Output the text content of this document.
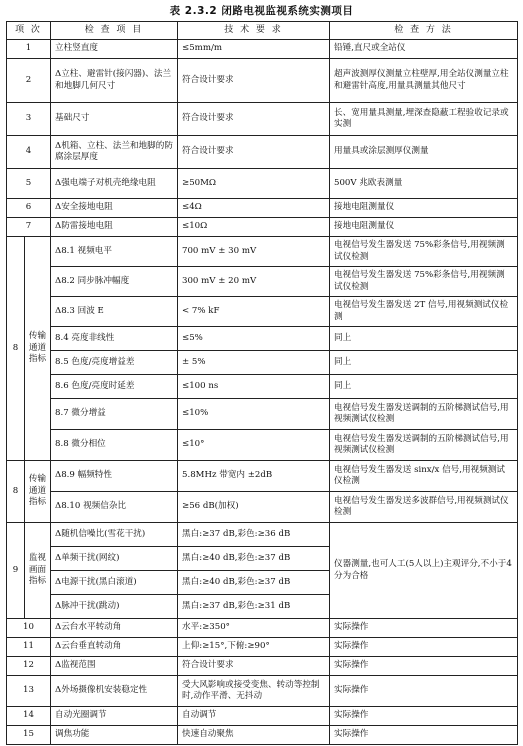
表 2.3.2 闭路电视监视系统实测项目
项 次		检 查 项 目	技 术 要 求	检 查 方 法
1		立柱竖直度	≤5mm/m	铅锤,直尺或全站仪
2		Δ立柱、避雷针(接闪器)、法兰和地脚几何尺寸	符合设计要求	超声波测厚仪测量立柱壁厚,用全站仪测量立柱和避雷针高度,用量具测量其他尺寸
3		基础尺寸	符合设计要求	长、宽用量具测量,埋深查隐蔽工程验收记录或实测
4		Δ机箱、立柱、法兰和地脚的防腐涂层厚度	符合设计要求	用量具或涂层测厚仪测量
5		Δ强电端子对机壳绝缘电阻	≥50MΩ	500V 兆欧表测量
6		Δ安全接地电阻	≤4Ω	接地电阻测量仪
7		Δ防雷接地电阻	≤10Ω	接地电阻测量仪
8	传输通道指标	Δ8.1 视频电平	700 mV ± 30 mV	电视信号发生器发送 75%彩条信号,用视频测试仪检测
		Δ8.2 同步脉冲幅度	300 mV ± 20 mV	电视信号发生器发送 75%彩条信号,用视频测试仪检测
		Δ8.3 回波 E	< 7% kF	电视信号发生器发送 2T 信号,用视频测试仪检测
		8.4 亮度非线性	≤5%	同上
		8.5 色度/亮度增益差	± 5%	同上
		8.6 色度/亮度时延差	≤100 ns	同上
		8.7 微分增益	≤10%	电视信号发生器发送调制的五阶梯测试信号,用视频测试仪检测
		8.8 微分相位	≤10°	电视信号发生器发送调制的五阶梯测试信号,用视频测试仪检测
8	传输通道指标	Δ8.9 幅频特性	5.8MHz 带宽内 ±2dB	电视信号发生器发送 sinx/x 信号,用视频测试仪检测
		Δ8.10 视频信杂比	≥56 dB(加权)	电视信号发生器发送多波群信号,用视频测试仪检测
9	监视画面指标	Δ随机信噪比(雪花干扰)	黑白:≥37 dB,彩色:≥36 dB	仪器测量,也可人工(5人以上)主观评分,不小于4分为合格
		Δ单频干扰(网纹)	黑白:≥40 dB,彩色:≥37 dB	
		Δ电源干扰(黑白滚道)	黑白:≥40 dB,彩色:≥37 dB	
		Δ脉冲干扰(跳动)	黑白:≥37 dB,彩色:≥31 dB	
10		Δ云台水平转动角	水平:≥350°	实际操作
11		Δ云台垂直转动角	上仰:≥15°,下俯:≥90°	实际操作
12		Δ监视范围	符合设计要求	实际操作
13		Δ外场摄像机安装稳定性	受大风影响或接受变焦、转动等控制时,动作平滑、无抖动	实际操作
14		自动光圈调节	自动调节	实际操作
15		调焦功能	快速自动聚焦	实际操作
